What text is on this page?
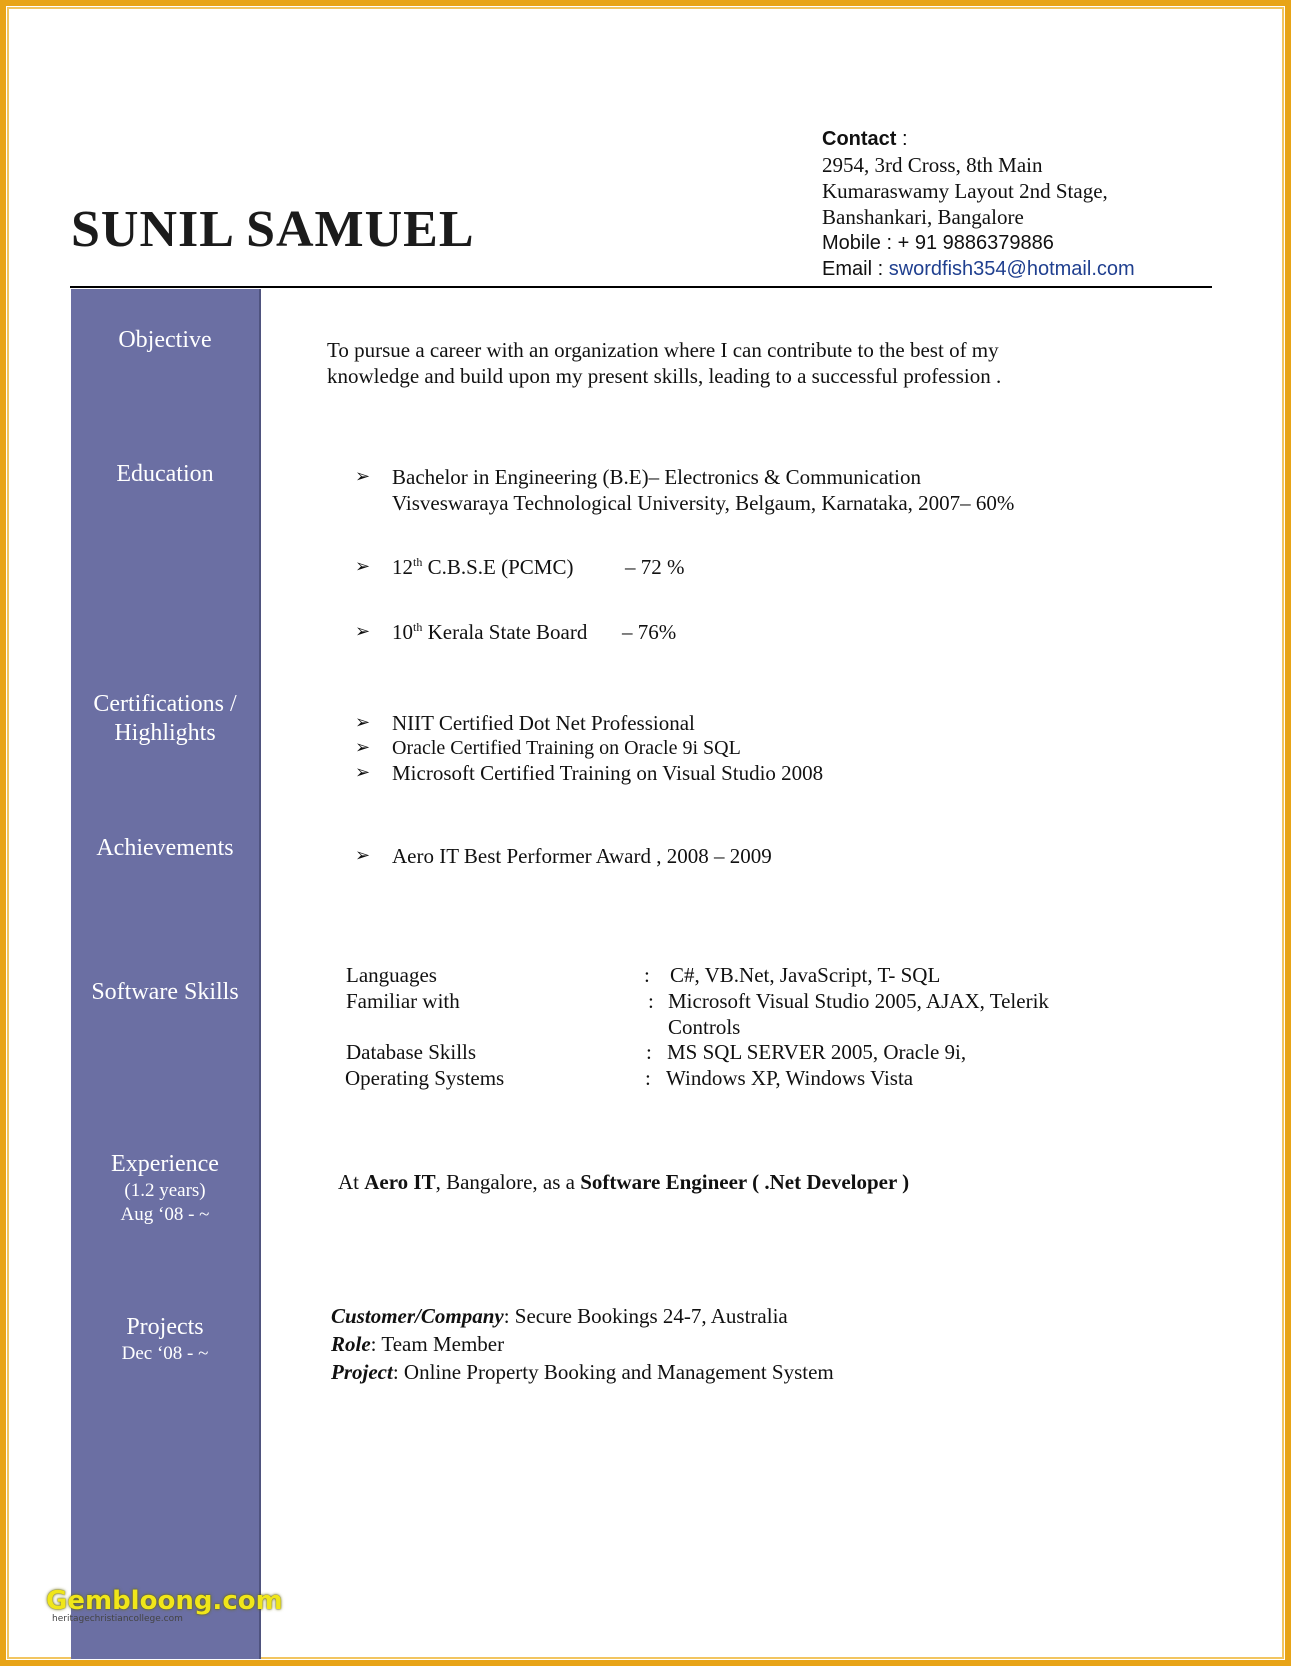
SUNIL SAMUEL
Contact :
2954, 3rd Cross, 8th Main
Kumaraswamy Layout 2nd Stage,
Banshankari, Bangalore
Mobile : + 91 9886379886
Email : swordfish354@hotmail.com
Objective
Education
Certifications /
Highlights
Achievements
Software Skills
Experience
(1.2 years)
Aug ‘08 - ~
Projects
Dec ‘08 - ~
To pursue a career with an organization where I can contribute to the best of my
knowledge and build upon my present skills, leading to a successful profession .
➢ Bachelor in Engineering (B.E)– Electronics & Communication
Visveswaraya Technological University, Belgaum, Karnataka, 2007– 60%
➢ 12th C.B.S.E (PCMC) – 72 %
➢ 10th Kerala State Board – 76%
➢ NIIT Certified Dot Net Professional
➢ Oracle Certified Training on Oracle 9i SQL
➢ Microsoft Certified Training on Visual Studio 2008
➢ Aero IT Best Performer Award , 2008 – 2009
Languages	: C#, VB.Net, JavaScript, T- SQL
Familiar with	: Microsoft Visual Studio 2005, AJAX, Telerik
Controls
Database Skills	: MS SQL SERVER 2005, Oracle 9i,
Operating Systems	: Windows XP, Windows Vista
At Aero IT, Bangalore, as a Software Engineer ( .Net Developer )
Customer/Company: Secure Bookings 24-7, Australia
Role: Team Member
Project: Online Property Booking and Management System
Gembloong.com
heritagechristiancollege.com
